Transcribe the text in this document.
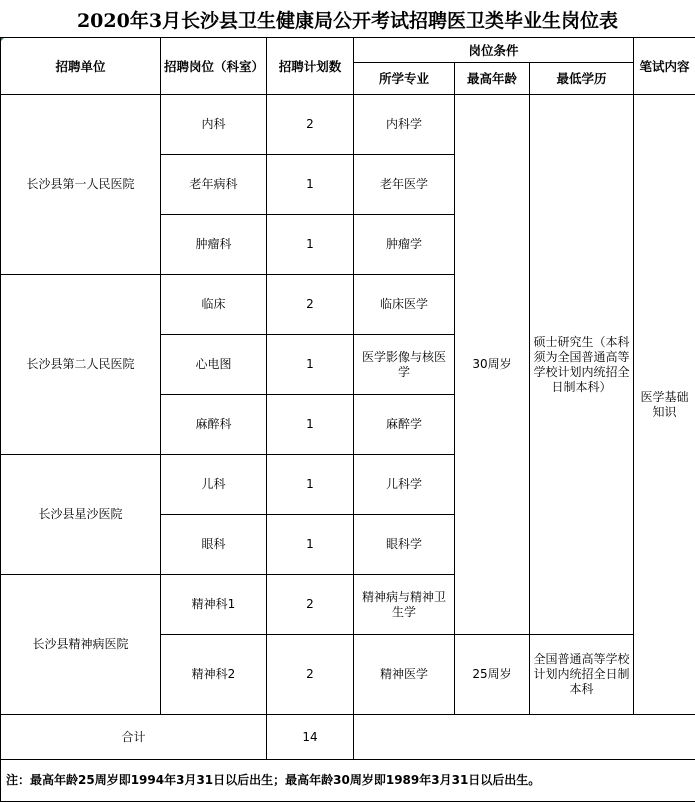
2020年3月长沙县卫生健康局公开考试招聘医卫类毕业生岗位表
招聘单位	招聘岗位（科室）	招聘计划数	岗位条件			笔试内容
			所学专业	最高年龄	最低学历	
长沙县第一人民医院	内科	2	内科学	30周岁	硕士研究生（本科须为全国普通高等学校计划内统招全日制本科）	医学基础知识
	老年病科	1	老年医学			
	肿瘤科	1	肿瘤学			
长沙县第二人民医院	临床	2	临床医学			
	心电图	1	医学影像与核医学			
	麻醉科	1	麻醉学			
长沙县星沙医院	儿科	1	儿科学			
	眼科	1	眼科学			
长沙县精神病医院	精神科1	2	精神病与精神卫生学			
	精神科2	2	精神医学	25周岁	全国普通高等学校计划内统招全日制本科	
合计		14				
注：最高年龄25周岁即1994年3月31日以后出生；最高年龄30周岁即1989年3月31日以后出生。						
